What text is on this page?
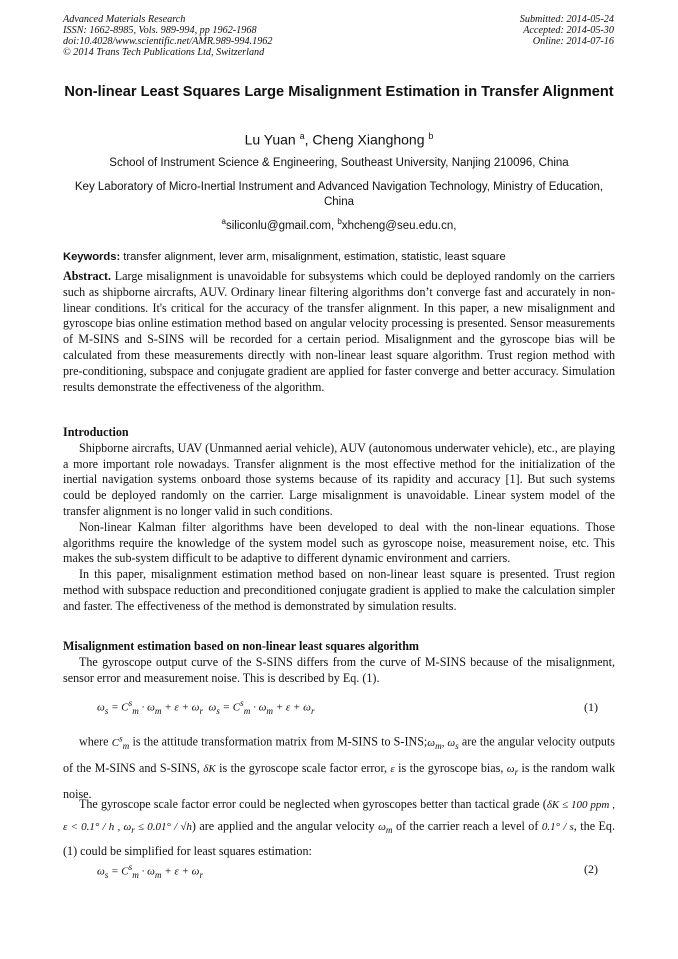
Advanced Materials Research
ISSN: 1662-8985, Vols. 989-994, pp 1962-1968
doi:10.4028/www.scientific.net/AMR.989-994.1962
© 2014 Trans Tech Publications Ltd, Switzerland
Submitted: 2014-05-24
Accepted: 2014-05-30
Online: 2014-07-16
Non-linear Least Squares Large Misalignment Estimation in Transfer Alignment
Lu Yuan $^a$, Cheng Xianghong $^b$
School of Instrument Science & Engineering, Southeast University, Nanjing 210096, China
Key Laboratory of Micro-Inertial Instrument and Advanced Navigation Technology, Ministry of Education, China
$^a$siliconlu@gmail.com, $^b$xhcheng@seu.edu.cn,
Keywords: transfer alignment, lever arm, misalignment, estimation, statistic, least square

Abstract. Large misalignment is unavoidable for subsystems which could be deployed randomly on the carriers such as shipborne aircrafts, AUV. Ordinary linear filtering algorithms don’t converge fast and accurately in non-linear conditions. It's critical for the accuracy of the transfer alignment. In this paper, a new misalignment and gyroscope bias online estimation method based on angular velocity processing is presented. Sensor measurements of M-SINS and S-SINS will be recorded for a certain period. Misalignment and the gyroscope bias will be calculated from these measurements directly with non-linear least square algorithm. Trust region method with pre-conditioning, subspace and conjugate gradient are applied for faster converge and better accuracy. Simulation results demonstrate the effectiveness of the algorithm.

Introduction

Shipborne aircrafts, UAV (Unmanned aerial vehicle), AUV (autonomous underwater vehicle), etc., are playing a more important role nowadays. Transfer alignment is the most effective method for the initialization of the inertial navigation systems onboard those systems because of its rapidity and accuracy [1]. But such systems could be deployed randomly on the carrier. Large misalignment is unavoidable. Linear system model of the transfer alignment is no longer valid in such conditions.

Non-linear Kalman filter algorithms have been developed to deal with the non-linear equations. Those algorithms require the knowledge of the system model such as gyroscope noise, measurement noise, etc. This makes the sub-system difficult to be adaptive to different dynamic environment and carriers.

In this paper, misalignment estimation method based on non-linear least square is presented. Trust region method with subspace reduction and preconditioned conjugate gradient is applied to make the calculation simpler and faster. The effectiveness of the method is demonstrated by simulation results.

Misalignment estimation based on non-linear least squares algorithm

The gyroscope output curve of the S-SINS differs from the curve of M-SINS because of the misalignment, sensor error and measurement noise. This is described by Eq. (1).

$\omega_s = C^s_m \cdot \omega_m + \varepsilon + \omega_r$  $\omega_s = C^s_m \cdot \omega_m + \varepsilon + \omega_r$	(1)

where $C^s_m$ is the attitude transformation matrix from M-SINS to $S-INS;\omega_m$, $\omega_s$ are the angular velocity outputs of the M-SINS and S-SINS, δK is the gyroscope scale factor error, ε is the gyroscope bias, $\omega_r$ is the random walk noise.

The gyroscope scale factor error could be neglected when gyroscopes better than tactical grade (δK ≤ 100 ppm , ε < 0.1° / h , $\omega_r \le 0.01^\circ / √h$) are applied and the angular velocity $\omega_m$ of the carrier reach a level of 0.1° / s, the Eq. (1) could be simplified for least squares estimation:

$\omega_s = C^s_m \cdot \omega_m + \varepsilon + \omega_r$	(2)
